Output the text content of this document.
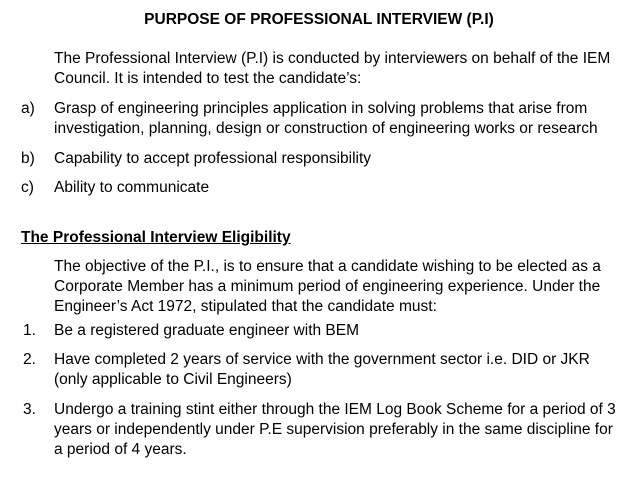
PURPOSE OF PROFESSIONAL INTERVIEW (P.I)
The Professional Interview (P.I) is conducted by interviewers on behalf of the IEM Council. It is intended to test the candidate’s:
a) Grasp of engineering principles application in solving problems that arise from investigation, planning, design or construction of engineering works or research
b) Capability to accept professional responsibility
c) Ability to communicate
The Professional Interview Eligibility
The objective of the P.I., is to ensure that a candidate wishing to be elected as a Corporate Member has a minimum period of engineering experience. Under the Engineer’s Act 1972, stipulated that the candidate must:
1. Be a registered graduate engineer with BEM
2. Have completed 2 years of service with the government sector i.e. DID or JKR (only applicable to Civil Engineers)
3. Undergo a training stint either through the IEM Log Book Scheme for a period of 3 years or independently under P.E supervision preferably in the same discipline for a period of 4 years.
